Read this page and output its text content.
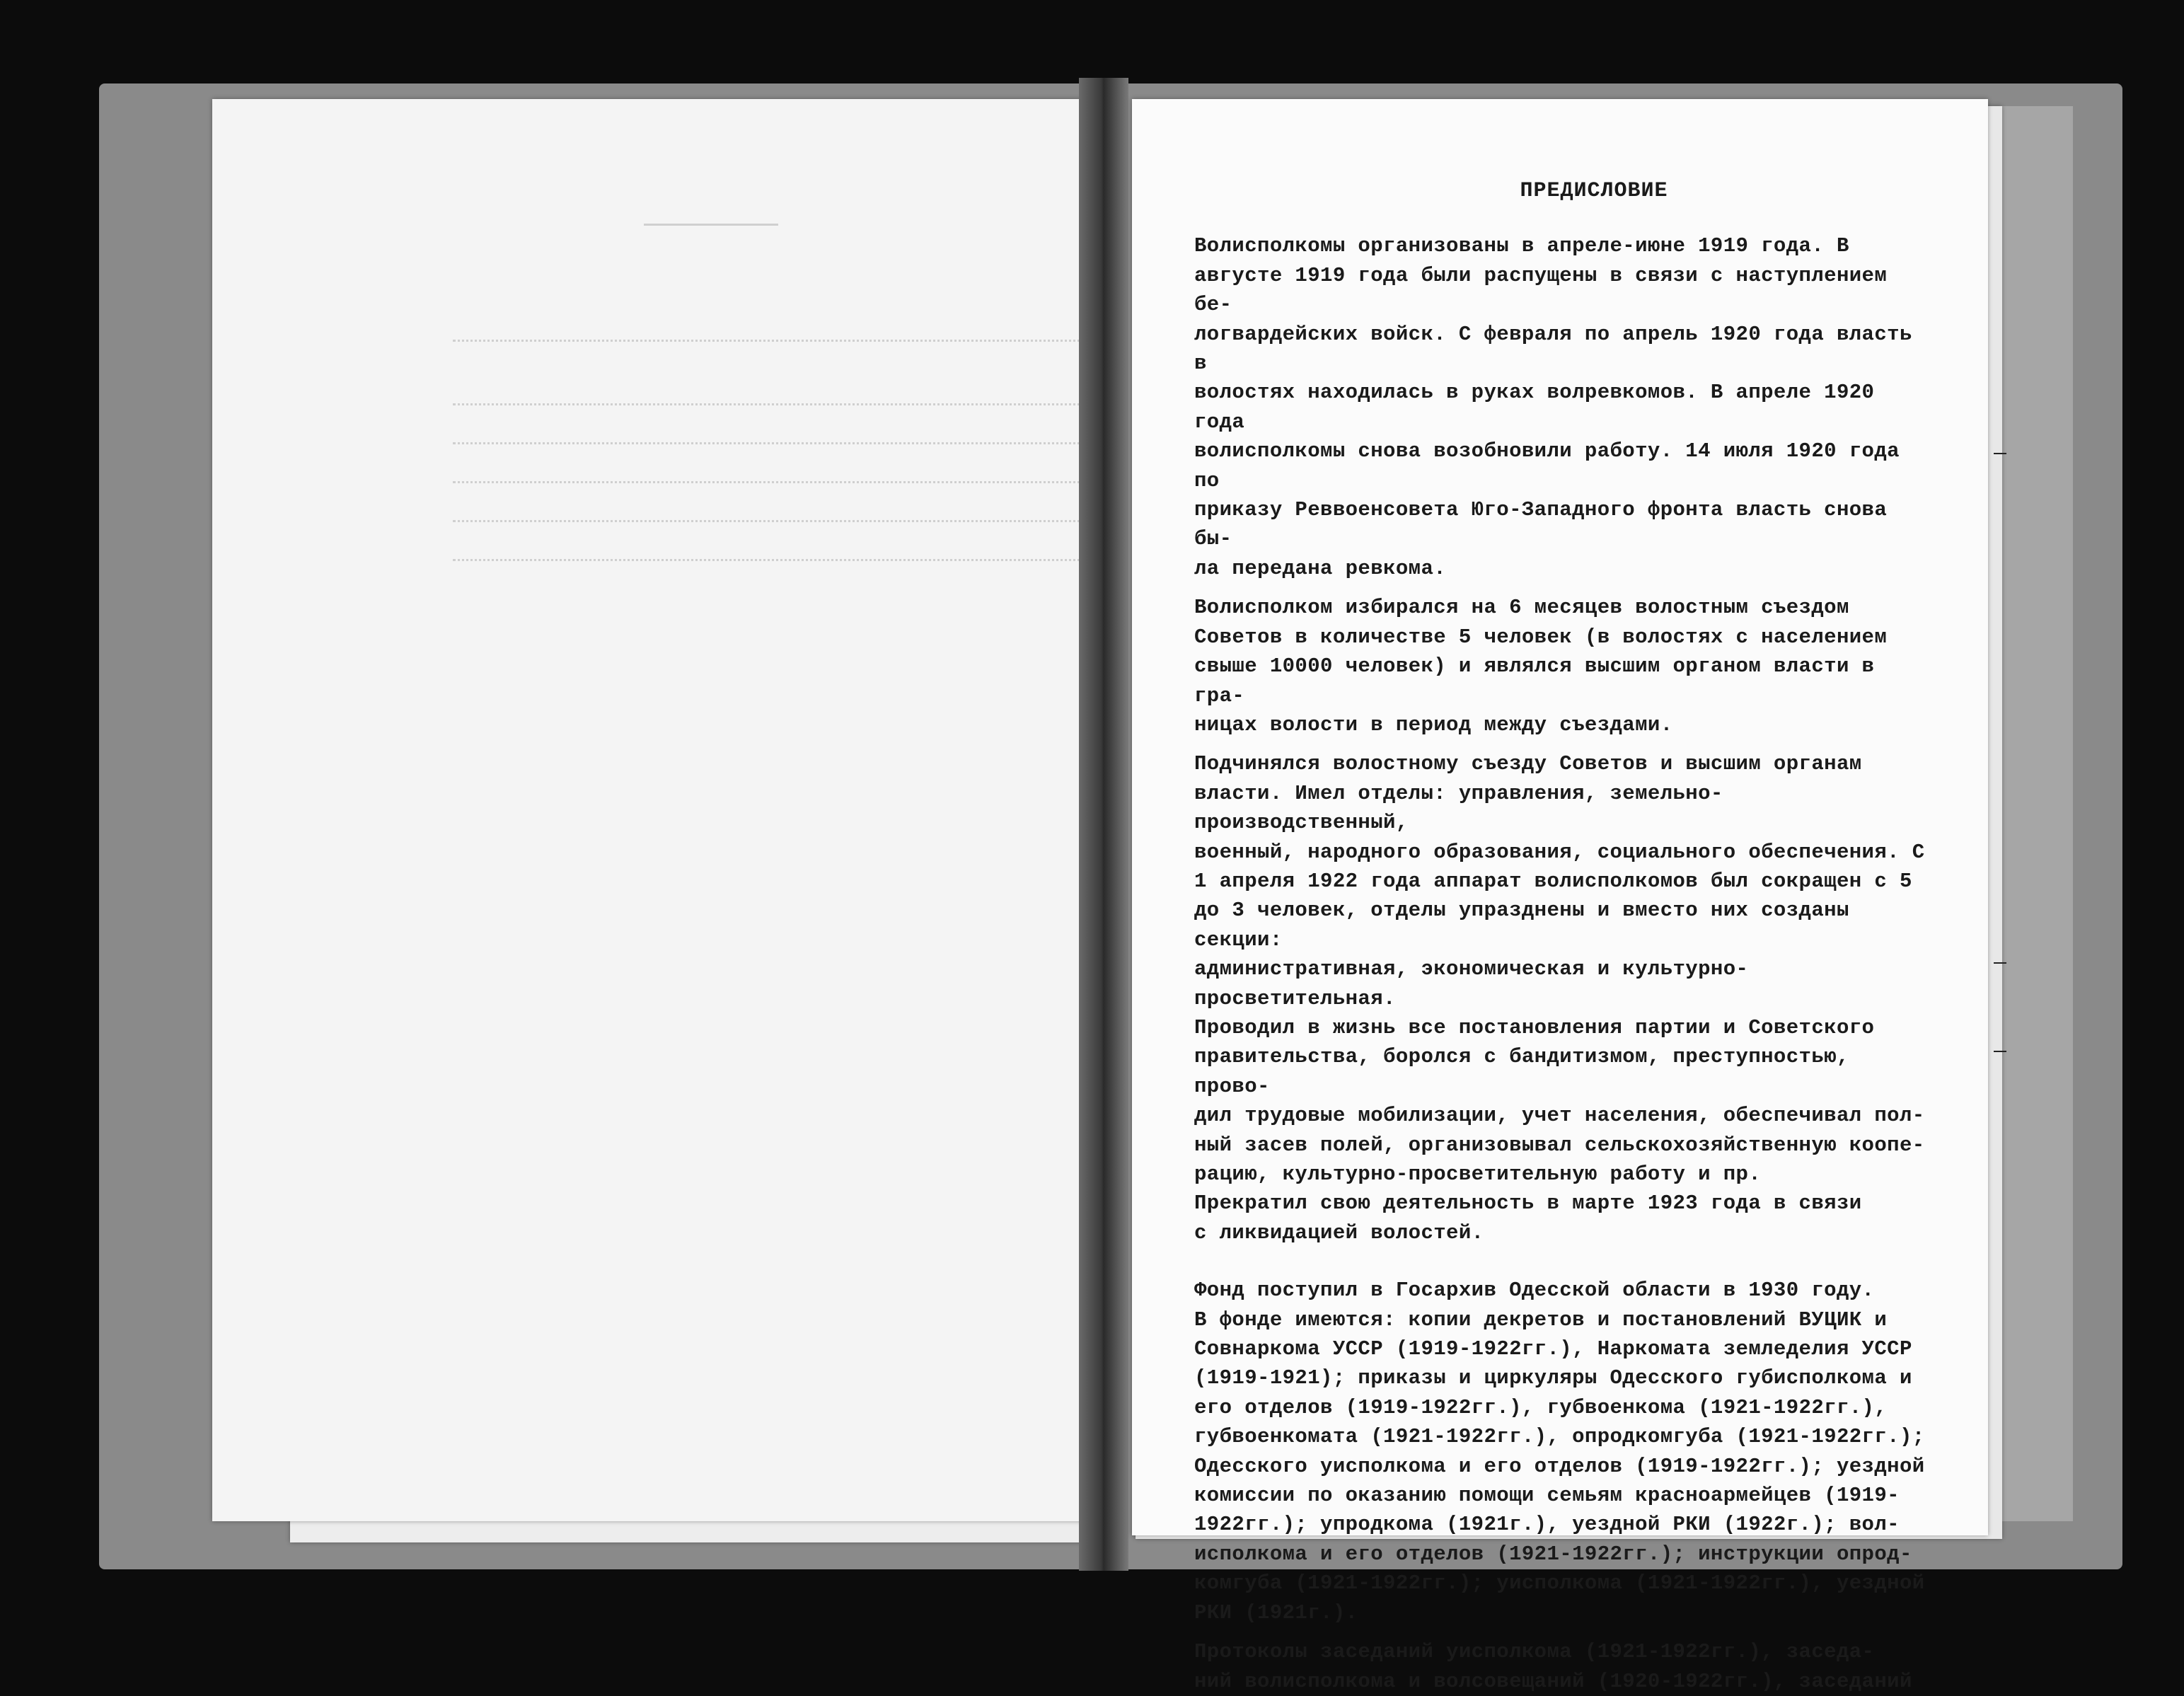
ПРЕДИСЛОВИЕ

Волисполкомы организованы в апреле-июне 1919 года. В
августе 1919 года были распущены в связи с наступлением бе-
логвардейских войск. С февраля по апрель 1920 года власть в
волостях находилась в руках волревкомов. В апреле 1920 года
волисполкомы снова возобновили работу. 14 июля 1920 года по
приказу Реввоенсовета Юго-Западного фронта власть снова бы-
ла передана ревкома.

Волисполком избирался на 6 месяцев волостным съездом
Советов в количестве 5 человек (в волостях с населением
свыше 10000 человек) и являлся высшим органом власти в гра-
ницах волости в период между съездами.

Подчинялся волостному съезду Советов и высшим органам
власти. Имел отделы: управления, земельно-производственный,
военный, народного образования, социального обеспечения. С
1 апреля 1922 года аппарат волисполкомов был сокращен с 5
до 3 человек, отделы упразднены и вместо них созданы секции:
административная, экономическая и культурно-просветительная.

Проводил в жизнь все постановления партии и Советского
правительства, боролся с бандитизмом, преступностью, прово-
дил трудовые мобилизации, учет населения, обеспечивал пол-
ный засев полей, организовывал сельскохозяйственную коопе-
рацию, культурно-просветительную работу и пр.

Прекратил свою деятельность в марте 1923 года в связи
с ликвидацией волостей.

Фонд поступил в Госархив Одесской области в 1930 году.

В фонде имеются: копии декретов и постановлений ВУЦИК и
Совнаркома УССР (1919-1922гг.), Наркомата земледелия УССР
(1919-1921); приказы и циркуляры Одесского губисполкома и
его отделов (1919-1922гг.), губвоенкома (1921-1922гг.),
губвоенкомата (1921-1922гг.), опродкомгуба (1921-1922гг.);
Одесского уисполкома и его отделов (1919-1922гг.); уездной
комиссии по оказанию помощи семьям красноармейцев (1919-
1922гг.); упродкома (1921г.), уездной РКИ (1922г.); вол-
исполкома и его отделов (1921-1922гг.); инструкции опрод-
комгуба (1921-1922гг.); уисполкома (1921-1922гг.), уездной
РКИ (1921г.).

Протоколы заседаний уисполкома (1921-1922гг.), заседа-
ний волисполкома и волсовещаний (1920-1922гг.), заседаний
